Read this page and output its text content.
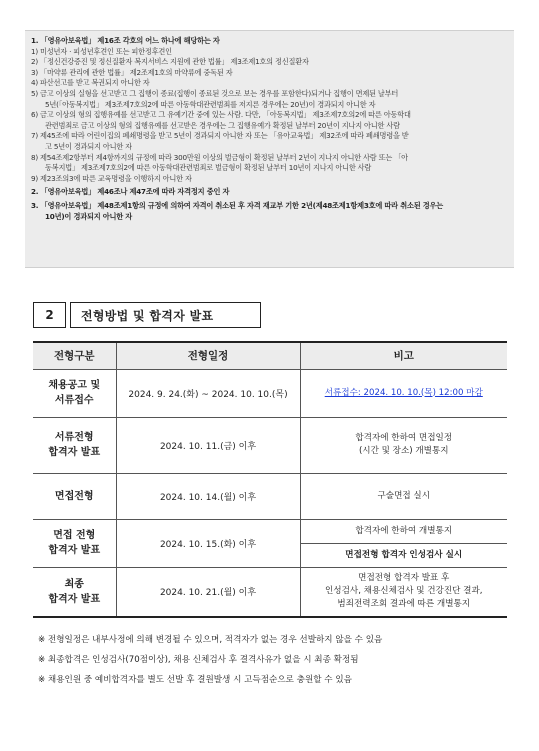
1. 「영유아보육법」 제16조 각호의 어느 하나에 해당하는 자
1) 미성년자 · 피성년후견인 또는 피한정후견인
2) 「정신건강증진 및 정신질환자 복지서비스 지원에 관한 법률」 제3조제1호의 정신질환자
3) 「마약류 관리에 관한 법률」 제2조제1호의 마약류에 중독된 자
4) 파산선고를 받고 복권되지 아니한 자
5) 금고 이상의 실형을 선고받고 그 집행이 종료(집행이 종료된 것으로 보는 경우를 포함한다)되거나 집행이 면제된 날부터
5년(「아동복지법」 제3조제7호의2에 따른 아동학대관련범죄를 저지른 경우에는 20년)이 경과되지 아니한 자
6) 금고 이상의 형의 집행유예를 선고받고 그 유예기간 중에 있는 사람. 다만, 「아동복지법」 제3조제7호의2에 따른 아동학대
관련범죄로 금고 이상의 형의 집행유예를 선고받은 경우에는 그 집행유예가 확정된 날부터 20년이 지나지 아니한 사람
7) 제45조에 따라 어린이집의 폐쇄명령을 받고 5년이 경과되지 아니한 자 또는 「유아교육법」 제32조에 따라 폐쇄명령을 받
고 5년이 경과되지 아니한 자
8) 제54조제2항부터 제4항까지의 규정에 따라 300만원 이상의 벌금형이 확정된 날부터 2년이 지나지 아니한 사람 또는 「아
동복지법」 제3조제7호의2에 따른 아동학대관련범죄로 벌금형이 확정된 날부터 10년이 지나지 아니한 사람
9) 제23조의3에 따른 교육명령을 이행하지 아니한 자
2. 「영유아보육법」 제46조나 제47조에 따라 자격정지 중인 자
3. 「영유아보육법」 제48조제1항의 규정에 의하여 자격이 취소된 후 자격 재교부 기한 2년(제48조제1항제3호에 따라 취소된 경우는
10년)이 경과되지 아니한 자
2	전형방법 및 합격자 발표
전형구분	전형일정	비고
채용공고 및
서류접수	2024. 9. 24.(화) ~ 2024. 10. 10.(목)	서류접수: 2024. 10. 10.(목) 12:00 마감
서류전형
합격자 발표	2024. 10. 11.(금) 이후	합격자에 한하여 면접일정
(시간 및 장소) 개별통지
면접전형	2024. 10. 14.(월) 이후	구술면접 실시
면접 전형
합격자 발표	2024. 10. 15.(화) 이후	합격자에 한하여 개별통지
		면접전형 합격자 인성검사 실시
최종
합격자 발표	2024. 10. 21.(월) 이후	면접전형 합격자 발표 후
인성검사, 채용신체검사 및 건강진단 결과,
범죄전력조회 결과에 따른 개별통지
※ 전형일정은 내부사정에 의해 변경될 수 있으며, 적격자가 없는 경우 선발하지 않을 수 있음
※ 최종합격은 인성검사(70점이상), 채용 신체검사 후 결격사유가 없을 시 최종 확정됨
※ 채용인원 중 예비합격자를 별도 선발 후 결원발생 시 고득점순으로 충원할 수 있음
